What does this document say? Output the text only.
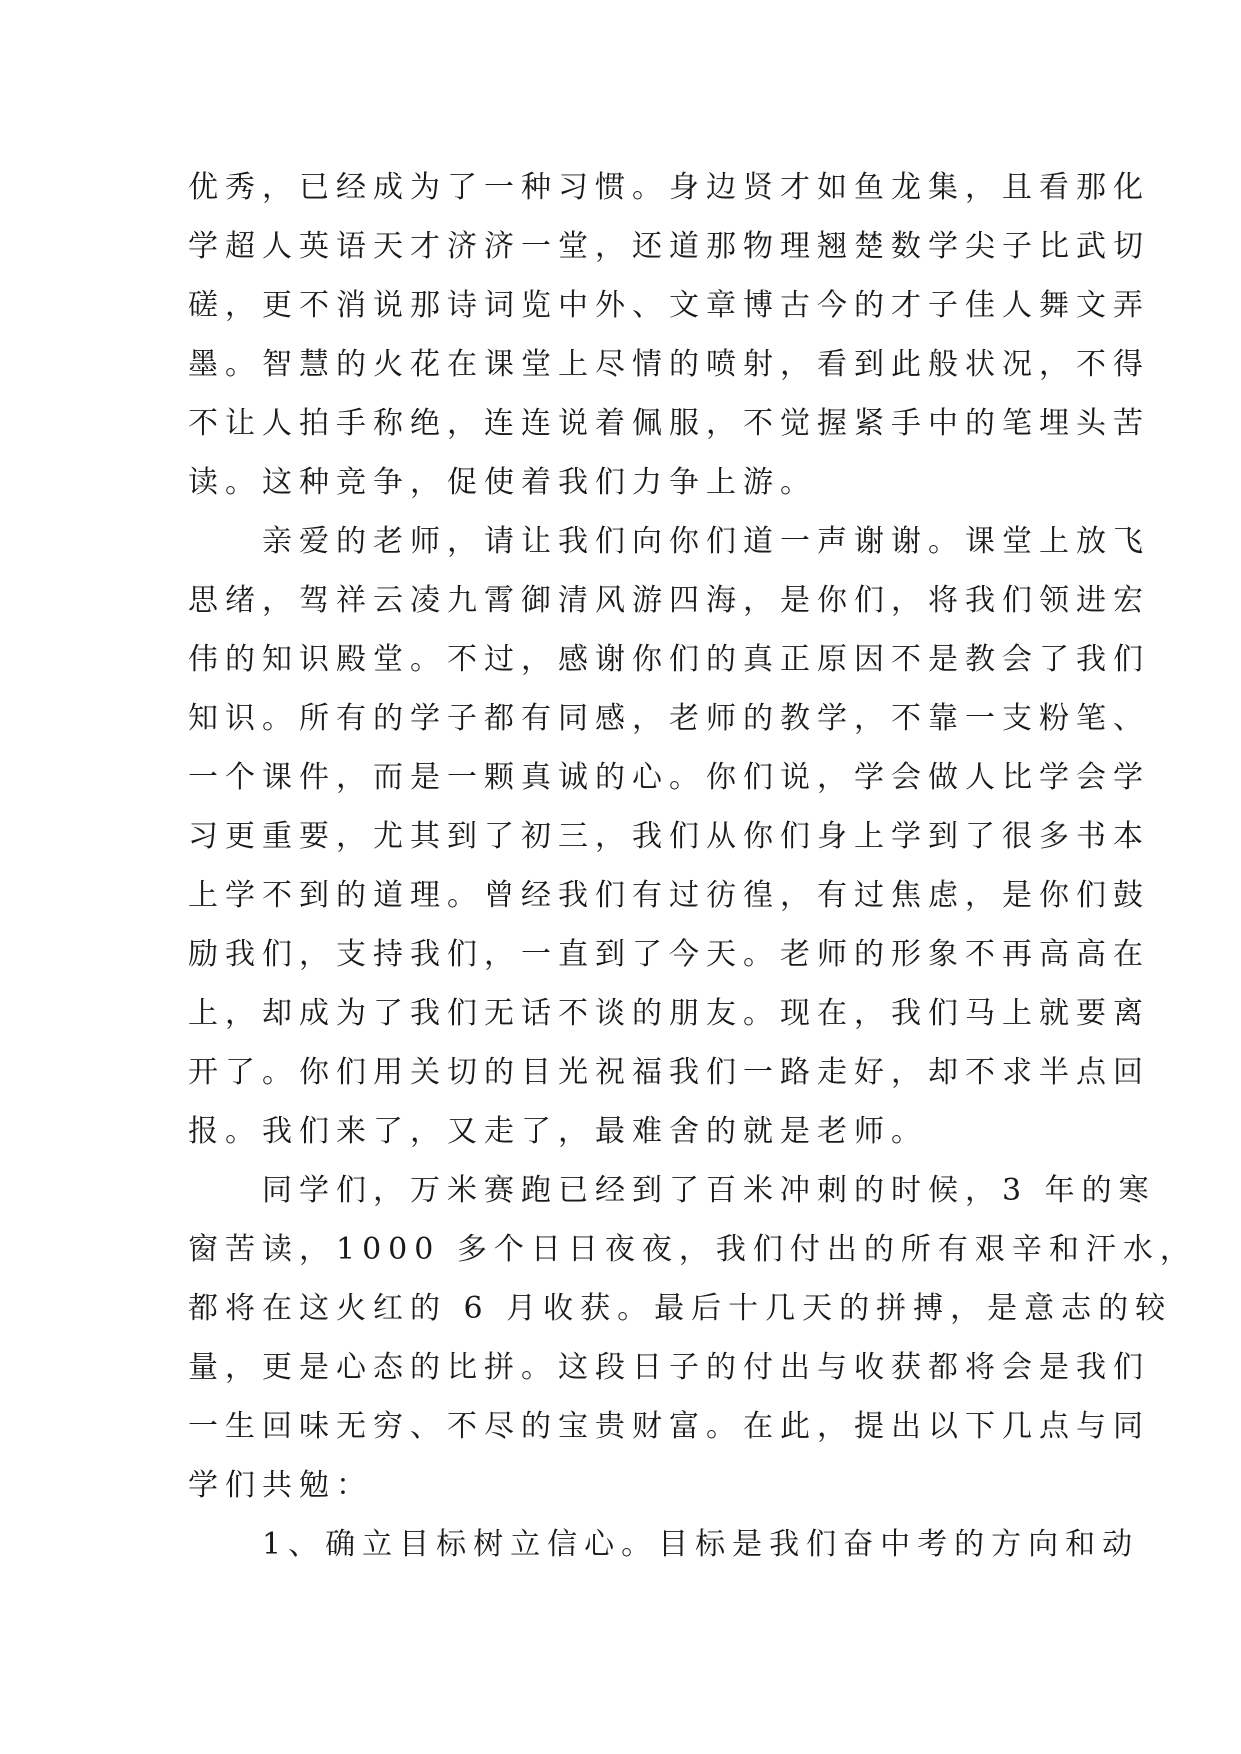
优秀，已经成为了一种习惯。身边贤才如鱼龙集，且看那化
学超人英语天才济济一堂，还道那物理翘楚数学尖子比武切
磋，更不消说那诗词览中外、文章博古今的才子佳人舞文弄
墨。智慧的火花在课堂上尽情的喷射，看到此般状况，不得
不让人拍手称绝，连连说着佩服，不觉握紧手中的笔埋头苦
读。这种竞争，促使着我们力争上游。
亲爱的老师，请让我们向你们道一声谢谢。课堂上放飞
思绪，驾祥云凌九霄御清风游四海，是你们，将我们领进宏
伟的知识殿堂。不过，感谢你们的真正原因不是教会了我们
知识。所有的学子都有同感，老师的教学，不靠一支粉笔、
一个课件，而是一颗真诚的心。你们说，学会做人比学会学
习更重要，尤其到了初三，我们从你们身上学到了很多书本
上学不到的道理。曾经我们有过彷徨，有过焦虑，是你们鼓
励我们，支持我们，一直到了今天。老师的形象不再高高在
上，却成为了我们无话不谈的朋友。现在，我们马上就要离
开了。你们用关切的目光祝福我们一路走好，却不求半点回
报。我们来了，又走了，最难舍的就是老师。
同学们，万米赛跑已经到了百米冲刺的时候，3 年的寒
窗苦读，1000 多个日日夜夜，我们付出的所有艰辛和汗水，
都将在这火红的 6 月收获。最后十几天的拼搏，是意志的较
量，更是心态的比拼。这段日子的付出与收获都将会是我们
一生回味无穷、不尽的宝贵财富。在此，提出以下几点与同
学们共勉：
1、确立目标树立信心。目标是我们奋中考的方向和动
